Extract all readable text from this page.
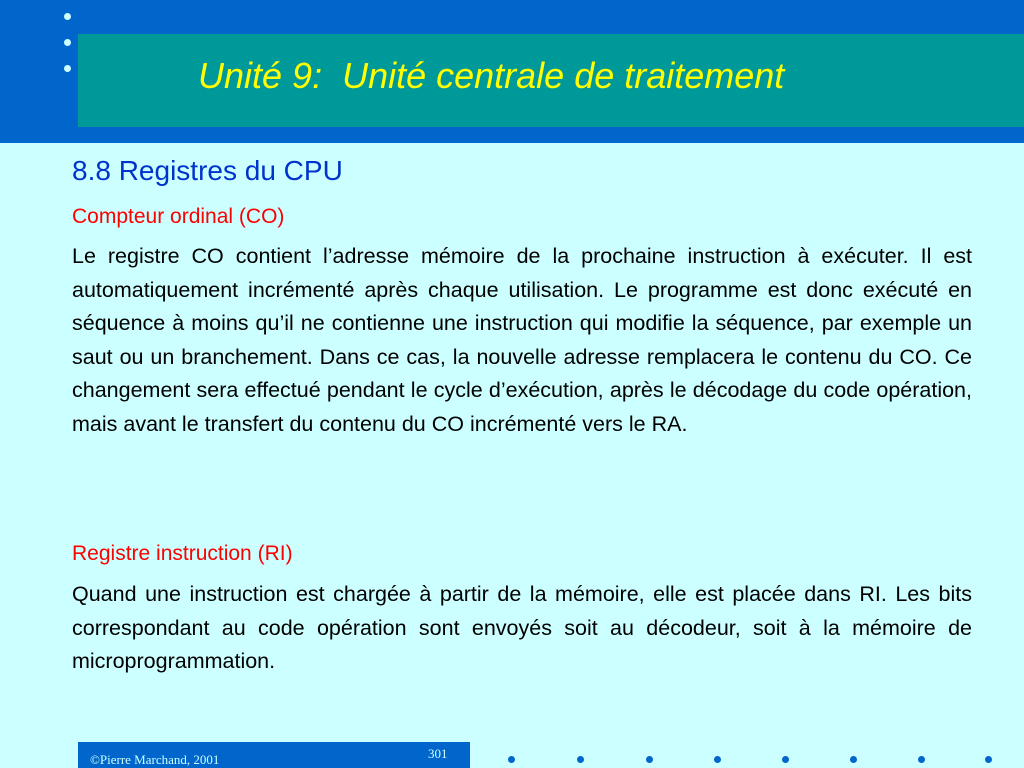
Unité 9:  Unité centrale de traitement
8.8 Registres du CPU
Compteur ordinal (CO)
Le registre CO contient l’adresse mémoire de la prochaine instruction à exécuter. Il est automatiquement incrémenté après chaque utilisation. Le programme est donc exécuté en séquence à moins qu’il ne contienne une instruction qui modifie la séquence, par exemple un saut ou un branchement. Dans ce cas, la nouvelle adresse remplacera le contenu du CO. Ce changement sera effectué pendant le cycle d’exécution, après le décodage du code opération, mais avant le transfert du contenu du CO incrémenté vers le RA.
Registre instruction (RI)
Quand une instruction est chargée à partir de la mémoire, elle est placée dans RI. Les bits correspondant au code opération sont envoyés soit au décodeur, soit à la mémoire de microprogrammation.
©Pierre Marchand, 2001	301
